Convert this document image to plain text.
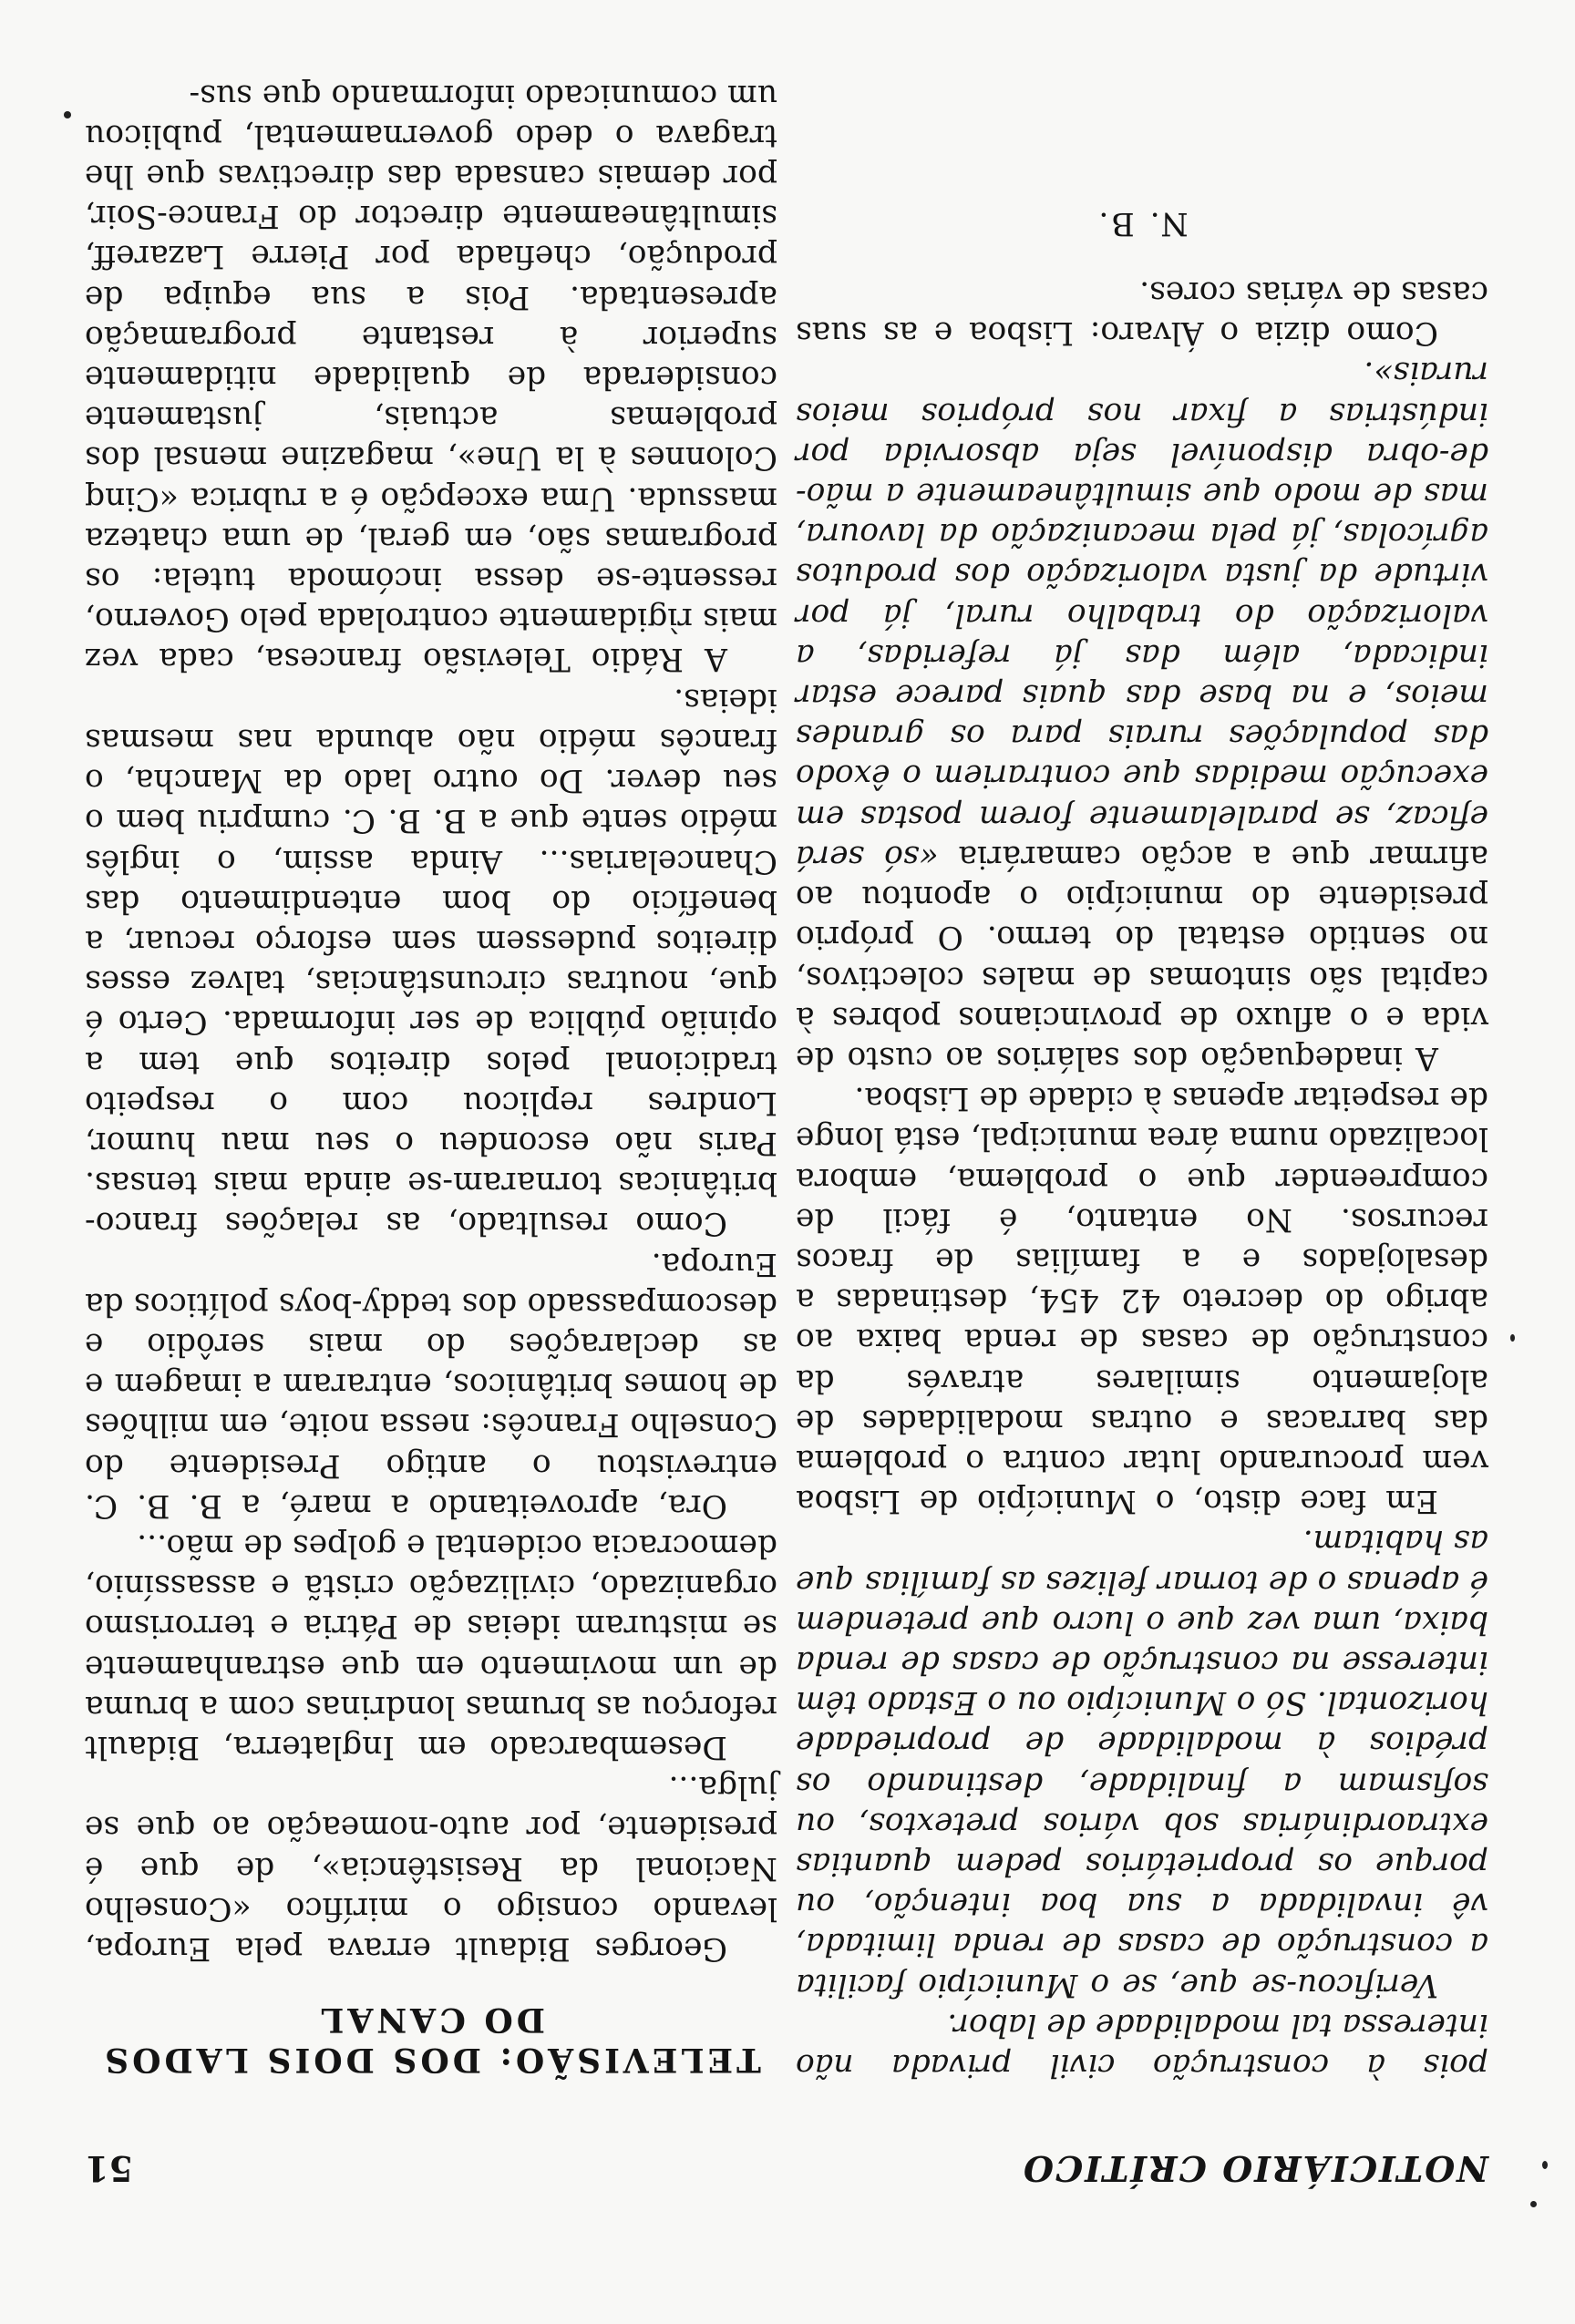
NOTICIÁRIO CRÍTICO
51

pois à construção civil privada não interessa tal modalidade de labor.

Verificou-se que, se o Município facilita a construção de casas de renda limitada, vê invalidada a sua boa intenção, ou porque os proprietários pedem quantias extraordinárias sob vários pretextos, ou sofismam a finalidade, destinando os prédios à modalidade de propriedade horizontal. Só o Município ou o Estado têm interesse na construção de casas de renda baixa, uma vez que o lucro que pretendem é apenas o de tornar felizes as famílias que as habitam.

Em face disto, o Município de Lisboa vem procurando lutar contra o problema das barracas e outras modalidades de alojamento similares através da construção de casas de renda baixa ao abrigo do decreto 42 454, destinadas a desalojados e a famílias de fracos recursos. No entanto, é fácil de compreender que o problema, embora localizado numa área municipal, está longe de respeitar apenas à cidade de Lisboa.

A inadequação dos salários ao custo de vida e o afluxo de provincianos pobres à capital são sintomas de males colectivos, no sentido estatal do termo. O próprio presidente do município o apontou ao afirmar que a acção camarária «só será eficaz, se paralelamente forem postas em execução medidas que contrariem o êxodo das populações rurais para os grandes meios, e na base das quais parece estar indicada, além das já referidas, a valorização do trabalho rural, já por virtude da justa valorização dos produtos agrícolas, já pela mecanização da lavoura, mas de modo que simultâneamente a mão-de-obra disponível seja absorvida por indústrias a fixar nos próprios meios rurais».

Como dizia o Álvaro: Lisboa e as suas casas de várias cores.

N. B.

TELEVISÃO: DOS DOIS LADOS DO CANAL

Georges Bidault errava pela Europa, levando consigo o mirífico «Conselho Nacional da Resistência», de que é presidente, por auto-nomeação ao que se julga...

Desembarcado em Inglaterra, Bidault reforçou as brumas londrinas com a bruma de um movimento em que estranhamente se misturam ideias de Pátria e terrorismo organizado, civilização cristã e assassínio, democracia ocidental e golpes de mão...

Ora, aproveitando a maré, a B. B. C. entrevistou o antigo Presidente do Conselho Francês: nessa noite, em milhões de homes britânicos, entraram a imagem e as declarações do mais serôdio e descompassado dos teddy-boys políticos da Europa.

Como resultado, as relações franco-britânicas tornaram-se ainda mais tensas. Paris não escondeu o seu mau humor, Londres replicou com o respeito tradicional pelos direitos que tem a opinião pública de ser informada. Certo é que, noutras circunstâncias, talvez esses direitos pudessem sem esforço recuar, a benefício do bom entendimento das Chancelarias... Ainda assim, o inglês médio sente que a B. B. C. cumpriu bem o seu dever. Do outro lado da Mancha, o francês médio não abunda nas mesmas ideias.

A Rádio Televisão francesa, cada vez mais rìgidamente controlada pelo Governo, ressente-se dessa incómoda tutela: os programas são, em geral, de uma chateza massuda. Uma excepção é a rubrica «Cinq Colonnes à la Une», magazine mensal dos problemas actuais, justamente considerada de qualidade nitidamente superior à restante programação apresentada. Pois a sua equipa de produção, chefiada por Pierre Lazareff, simultâneamente director do France-Soir, por demais cansada das directivas que lhe tragava o dedo governamental, publicou um comunicado informando que sus-
